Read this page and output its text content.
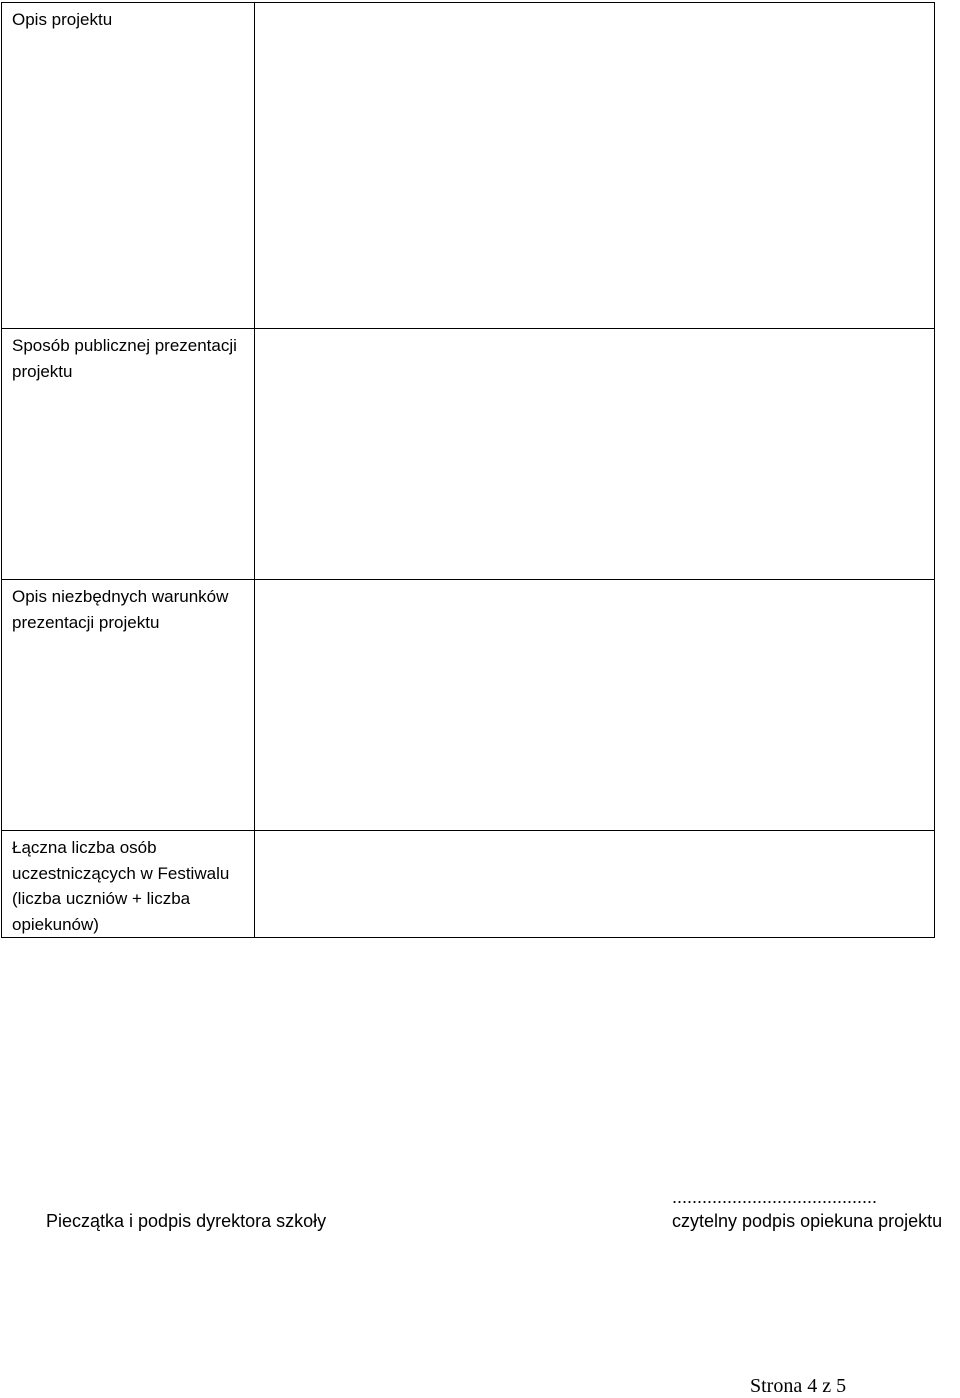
Opis projektu	

Sposób publicznej prezentacji projektu	

Opis niezbędnych warunków prezentacji projektu	

Łączna liczba osób uczestniczących w Festiwalu (liczba uczniów + liczba opiekunów)	
Pieczątka i podpis dyrektora szkoły
.........................................
czytelny podpis opiekuna projektu
Strona 4 z 5
